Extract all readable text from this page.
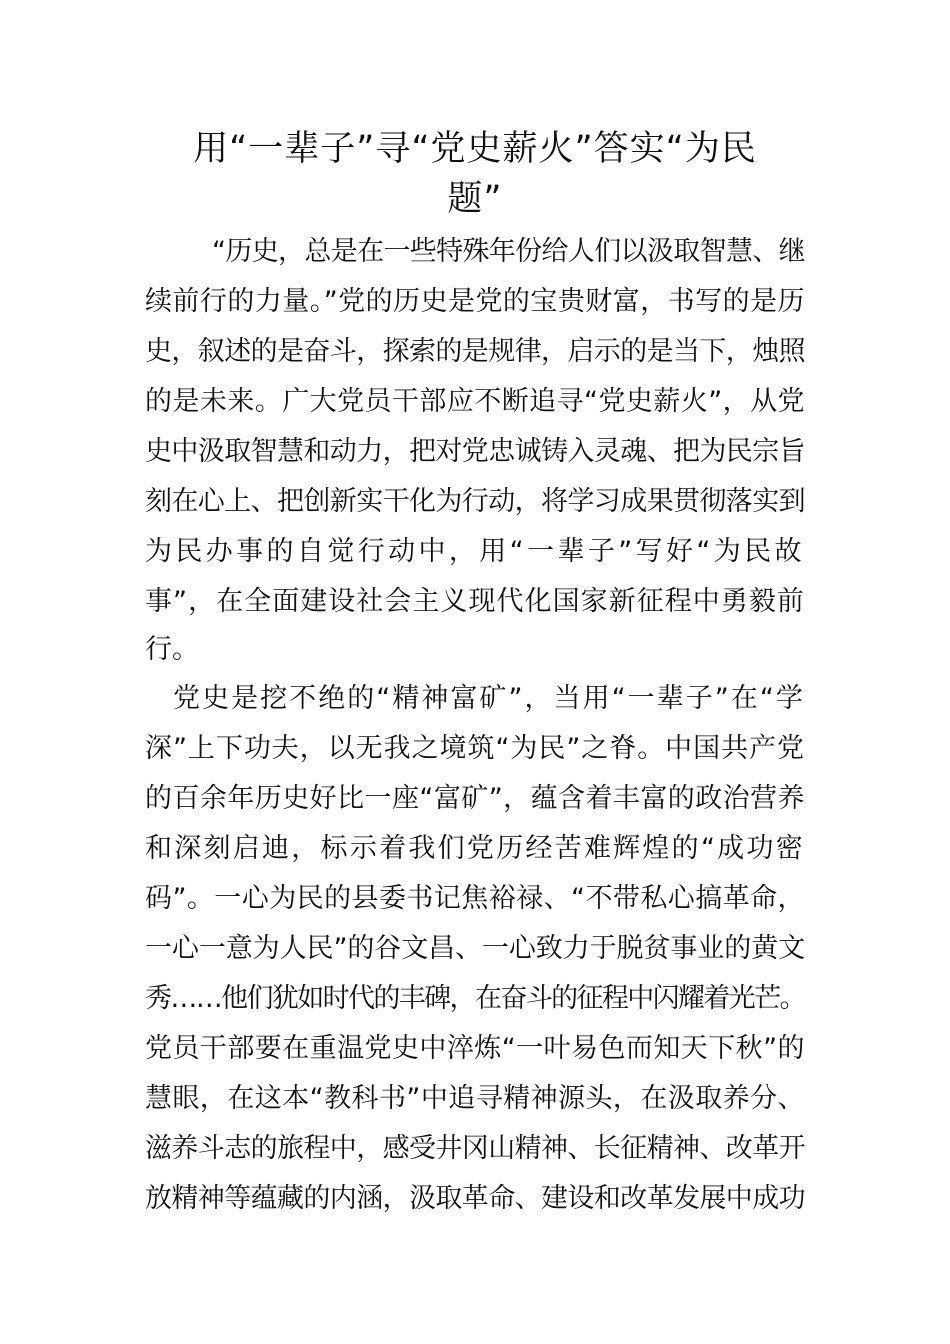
用“一辈子”寻“党史薪火”答实“为民
题”
“历史，总是在一些特殊年份给人们以汲取智慧、继
续前行的力量。”党的历史是党的宝贵财富，书写的是历
史，叙述的是奋斗，探索的是规律，启示的是当下，烛照
的是未来。广大党员干部应不断追寻“党史薪火”，从党
史中汲取智慧和动力，把对党忠诚铸入灵魂、把为民宗旨
刻在心上、把创新实干化为行动，将学习成果贯彻落实到
为民办事的自觉行动中，用“一辈子”写好“为民故
事”，在全面建设社会主义现代化国家新征程中勇毅前
行。
党史是挖不绝的“精神富矿”，当用“一辈子”在“学
深”上下功夫，以无我之境筑“为民”之脊。中国共产党
的百余年历史好比一座“富矿”，蕴含着丰富的政治营养
和深刻启迪，标示着我们党历经苦难辉煌的“成功密
码”。一心为民的县委书记焦裕禄、“不带私心搞革命，
一心一意为人民”的谷文昌、一心致力于脱贫事业的黄文
秀……他们犹如时代的丰碑，在奋斗的征程中闪耀着光芒。
党员干部要在重温党史中淬炼“一叶易色而知天下秋”的
慧眼，在这本“教科书”中追寻精神源头，在汲取养分、
滋养斗志的旅程中，感受井冈山精神、长征精神、改革开
放精神等蕴藏的内涵，汲取革命、建设和改革发展中成功
